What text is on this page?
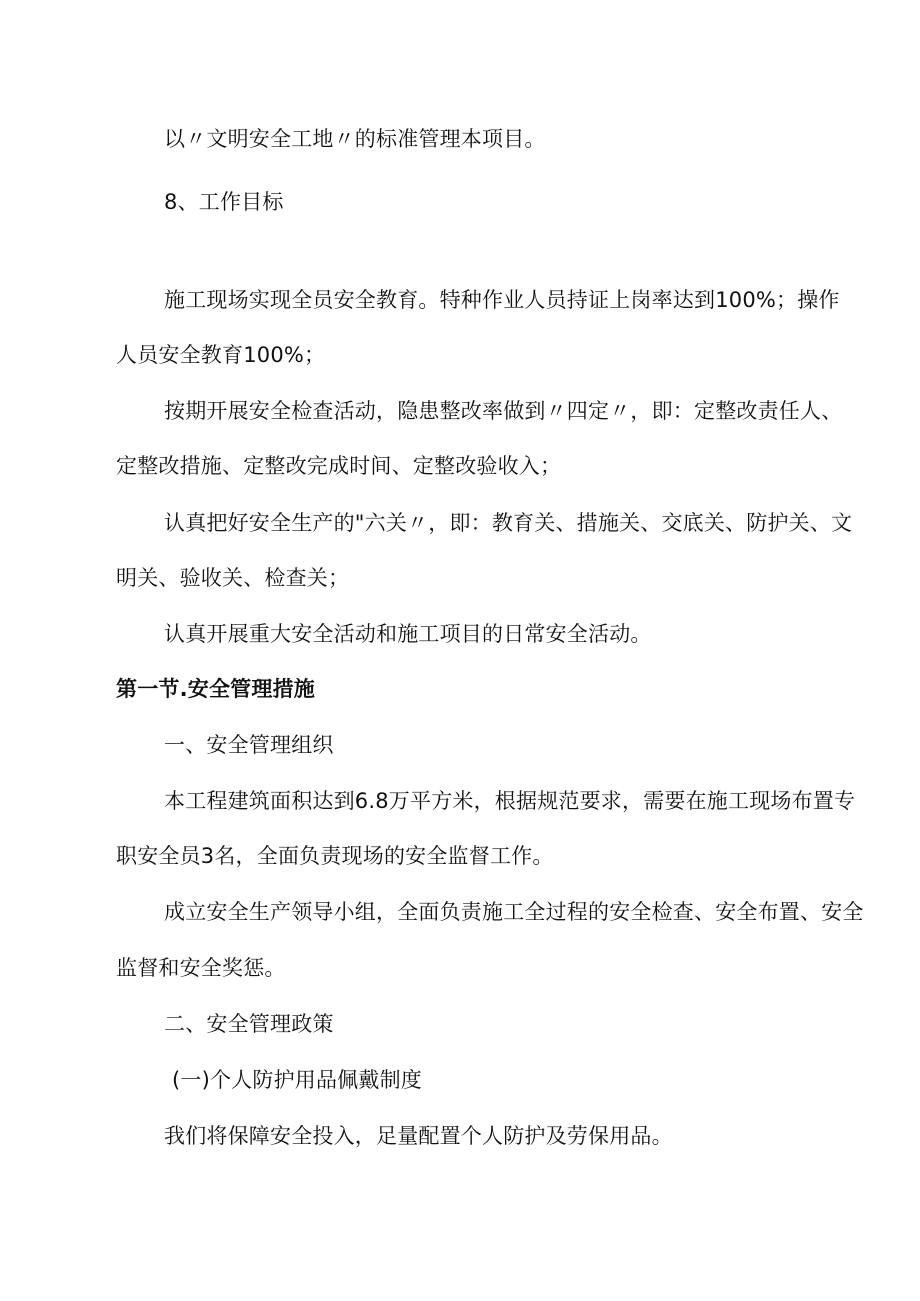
以〃文明安全工地〃的标准管理本项目。
8、工作目标
施工现场实现全员安全教育。特种作业人员持证上岗率达到100%；操作
人员安全教育100%；
按期开展安全检查活动，隐患整改率做到〃四定〃，即：定整改责任人、
定整改措施、定整改完成时间、定整改验收入；
认真把好安全生产的"六关〃，即：教育关、措施关、交底关、防护关、文
明关、验收关、检查关；
认真开展重大安全活动和施工项目的日常安全活动。
第一节.安全管理措施
一、安全管理组织
本工程建筑面积达到6.8万平方米，根据规范要求，需要在施工现场布置专
职安全员3名，全面负责现场的安全监督工作。
成立安全生产领导小组，全面负责施工全过程的安全检查、安全布置、安全
监督和安全奖惩。
二、安全管理政策
(一)个人防护用品佩戴制度
我们将保障安全投入，足量配置个人防护及劳保用品。
